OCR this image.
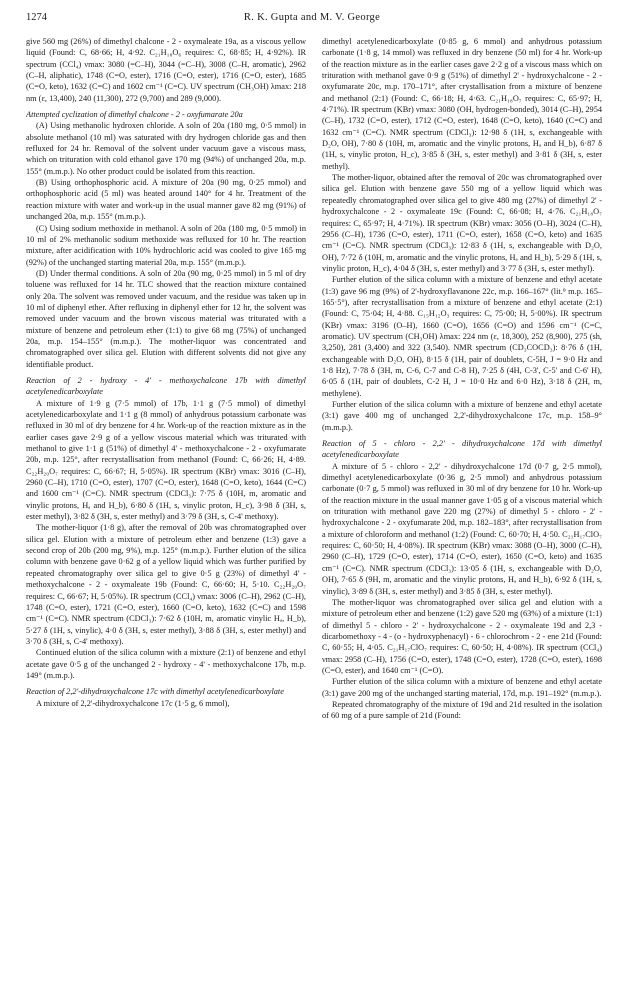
1274	R. K. Gupta and M. V. George

give 560 mg (26%) of dimethyl chalcone - 2 - oxymaleate 19a, as a viscous yellow liquid (Found: C, 68·66; H, 4·92. C₂₁H₁₈O₆ requires: C, 68·85; H, 4·92%). IR spectrum (CCl₄) νmax: 3080 (=C–H), 3044 (=C–H), 3008 (C–H, aromatic), 2962 (C–H, aliphatic), 1748 (C=O, ester), 1716 (C=O, ester), 1716 (C=O, ester), 1685 (C=O, keto), 1632 (C=C) and 1602 cm⁻¹ (C=C). UV spectrum (CH₃OH) λmax: 218 nm (ε, 13,400), 240 (11,300), 272 (9,700) and 289 (9,000).

Attempted cyclization of dimethyl chalcone - 2 - oxyfumarate 20a

(A) Using methanolic hydroxen chloride. A soln of 20a (180 mg, 0·5 mmol) in absolute methanol (10 ml) was saturated with dry hydrogen chloride gas and then refluxed for 24 hr. Removal of the solvent under vacuum gave a viscous mass, which on trituration with cold ethanol gave 170 mg (94%) of unchanged 20a, m.p. 155° (m.m.p.). No other product could be isolated from this reaction.

(B) Using orthophosphoric acid. A mixture of 20a (90 mg, 0·25 mmol) and orthophosphoric acid (5 ml) was heated around 140° for 4 hr. Treatment of the reaction mixture with water and work-up in the usual manner gave 82 mg (91%) of unchanged 20a, m.p. 155° (m.m.p.).

(C) Using sodium methoxide in methanol. A soln of 20a (180 mg, 0·5 mmol) in 10 ml of 2% methanolic sodium methoxide was refluxed for 10 hr. The reaction mixture, after acidification with 10% hydrochloric acid was cooled to give 165 mg (92%) of the unchanged starting material 20a, m.p. 155° (m.m.p.).

(D) Under thermal conditions. A soln of 20a (90 mg, 0·25 mmol) in 5 ml of dry toluene was refluxed for 14 hr. TLC showed that the reaction mixture contained only 20a. The solvent was removed under vacuum, and the residue was taken up in 10 ml of diphenyl ether. After refluxing in diphenyl ether for 12 hr, the solvent was removed under vacuum and the brown viscous material was triturated with a mixture of benzene and petroleum ether (1:1) to give 68 mg (75%) of unchanged 20a, m.p. 154–155° (m.m.p.). The mother-liquor was concentrated and chromatographed over silica gel. Elution with different solvents did not give any identifiable product.

Reaction of 2 - hydroxy - 4' - methoxychalcone 17b with dimethyl acetylenedicarboxylate

A mixture of 1·9 g (7·5 mmol) of 17b, 1·1 g (7·5 mmol) of dimethyl acetylenedicarboxylate and 1·1 g (8 mmol) of anhydrous potassium carbonate was refluxed in 30 ml of dry benzene for 4 hr. Work-up of the reaction mixture as in the earlier cases gave 2·9 g of a yellow viscous material which was triturated with methanol to give 1·1 g (51%) of dimethyl 4' - methoxychalcone - 2 - oxyfumarate 20b, m.p. 125°, after recrystallisation from methanol (Found: C, 66·26; H, 4·89. C₂₂H₂₀O₇ requires: C, 66·67; H, 5·05%). IR spectrum (KBr) νmax: 3016 (C–H), 2960 (C–H), 1710 (C=O, ester), 1707 (C=O, ester), 1648 (C=O, keto), 1644 (C=C) and 1600 cm⁻¹ (C=C). NMR spectrum (CDCl₃): 7·75 δ (10H, m, aromatic and vinylic protons, Hₐ and H_b), 6·80 δ (1H, s, vinylic proton, H_c), 3·98 δ (3H, s, ester methyl), 3·82 δ (3H, s, ester methyl) and 3·79 δ (3H, s, C-4' methoxy).

The mother-liquor (1·8 g), after the removal of 20b was chromatographed over silica gel. Elution with a mixture of petroleum ether and benzene (1:3) gave a second crop of 20b (200 mg, 9%), m.p. 125° (m.m.p.). Further elution of the silica column with benzene gave 0·62 g of a yellow liquid which was further purified by repeated chromatography over silica gel to give 0·5 g (23%) of dimethyl 4' - methoxychalcone - 2 - oxymaleate 19b (Found: C, 66·60; H, 5·10. C₂₂H₂₀O₇ requires: C, 66·67; H, 5·05%). IR spectrum (CCl₄) νmax: 3006 (C–H), 2962 (C–H), 1748 (C=O, ester), 1721 (C=O, ester), 1660 (C=O, keto), 1632 (C=C) and 1598 cm⁻¹ (C=C). NMR spectrum (CDCl₃): 7·62 δ (10H, m, aromatic vinylic Hₐ, H_b), 5·27 δ (1H, s, vinylic), 4·0 δ (3H, s, ester methyl), 3·88 δ (3H, s, ester methyl) and 3·70 δ (3H, s, C-4' methoxy).

Continued elution of the silica column with a mixture (2:1) of benzene and ethyl acetate gave 0·5 g of the unchanged 2 - hydroxy - 4' - methoxychalcone 17b, m.p. 149° (m.m.p.).

Reaction of 2,2'-dihydroxychalcone 17c with dimethyl acetylenedicarboxylate

A mixture of 2,2'-dihydroxychalcone 17c (1·5 g, 6 mmol),

dimethyl acetylenedicarboxylate (0·85 g, 6 mmol) and anhydrous potassium carbonate (1·8 g, 14 mmol) was refluxed in dry benzene (50 ml) for 4 hr. Work-up of the reaction mixture as in the earlier cases gave 2·2 g of a viscous mass which on trituration with methanol gave 0·9 g (51%) of dimethyl 2' - hydroxychalcone - 2 - oxyfumarate 20c, m.p. 170–171°, after crystallisation from a mixture of benzene and methanol (2:1) (Found: C, 66·18; H, 4·63. C₂₁H₁₈O₇ requires: C, 65·97; H, 4·71%). IR spectrum (KBr) νmax: 3080 (OH, hydrogen-bonded), 3014 (C–H), 2954 (C–H), 1732 (C=O, ester), 1712 (C=O, ester), 1648 (C=O, keto), 1640 (C=C) and 1632 cm⁻¹ (C=C). NMR spectrum (CDCl₃): 12·98 δ (1H, s, exchangeable with D₂O, OH), 7·80 δ (10H, m, aromatic and the vinylic protons, Hₐ and H_b), 6·87 δ (1H, s, vinylic proton, H_c), 3·85 δ (3H, s, ester methyl) and 3·81 δ (3H, s, ester methyl).

The mother-liquor, obtained after the removal of 20c was chromatographed over silica gel. Elution with benzene gave 550 mg of a yellow liquid which was repeatedly chromatographed over silica gel to give 480 mg (27%) of dimethyl 2' - hydroxychalcone - 2 - oxymaleate 19c (Found: C, 66·08; H, 4·76. C₂₁H₁₈O₇ requires: C, 65·97; H, 4·71%). IR spectrum (KBr) νmax: 3056 (O–H), 3024 (C–H), 2956 (C–H), 1736 (C=O, ester), 1711 (C=O, ester), 1658 (C=O, keto) and 1635 cm⁻¹ (C=C). NMR spectrum (CDCl₃): 12·83 δ (1H, s, exchangeable with D₂O, OH), 7·72 δ (10H, m, aromatic and the vinylic protons, Hₐ and H_b), 5·29 δ (1H, s, vinylic proton, H_c), 4·04 δ (3H, s, ester methyl) and 3·77 δ (3H, s, ester methyl).

Further elution of the silica column with a mixture of benzene and ethyl acetate (1:3) gave 96 mg (9%) of 2'-hydroxyflavanone 22c, m.p. 166–167° (lit.⁹ m.p. 165–165·5°), after recrystallisation from a mixture of benzene and ethyl acetate (2:1) (Found: C, 75·04; H, 4·88. C₁₅H₁₂O₃ requires: C, 75·00; H, 5·00%). IR spectrum (KBr) νmax: 3196 (O–H), 1660 (C=O), 1656 (C=O) and 1596 cm⁻¹ (C=C, aromatic). UV spectrum (CH₃OH) λmax: 224 nm (ε, 18,300), 252 (8,900), 275 (sh, 3,250), 281 (3,400) and 322 (3,540). NMR spectrum (CD₃COCD₃): 8·76 δ (1H, exchangeable with D₂O, OH), 8·15 δ (1H, pair of doublets, C-5H, J = 9·0 Hz and 1·8 Hz), 7·78 δ (3H, m, C-6, C-7 and C-8 H), 7·25 δ (4H, C-3', C-5' and C-6' H), 6·05 δ (1H, pair of doublets, C-2 H, J = 10·0 Hz and 6·0 Hz), 3·18 δ (2H, m, methylene).

Further elution of the silica column with a mixture of benzene and ethyl acetate (3:1) gave 400 mg of unchanged 2,2'-dihydroxychalcone 17c, m.p. 158–9° (m.m.p.).

Reaction of 5 - chloro - 2,2' - dihydroxychalcone 17d with dimethyl acetylenedicarboxylate

A mixture of 5 - chloro - 2,2' - dihydroxychalcone 17d (0·7 g, 2·5 mmol), dimethyl acetylenedicarboxylate (0·36 g, 2·5 mmol) and anhydrous potassium carbonate (0·7 g, 5 mmol) was refluxed in 30 ml of dry benzene for 10 hr. Work-up of the reaction mixture in the usual manner gave 1·05 g of a viscous material which on trituration with methanol gave 220 mg (27%) of dimethyl 5 - chloro - 2' - hydroxychalcone - 2 - oxyfumarate 20d, m.p. 182–183°, after recrystallisation from a mixture of chloroform and methanol (1:2) (Found: C, 60·70; H, 4·50. C₂₁H₁₇ClO₇ requires: C, 60·50; H, 4·08%). IR spectrum (KBr) νmax: 3088 (O–H), 3000 (C–H), 2960 (C–H), 1729 (C=O, ester), 1714 (C=O, ester), 1650 (C=O, keto) and 1635 cm⁻¹ (C=C). NMR spectrum (CDCl₃): 13·05 δ (1H, s, exchangeable with D₂O, OH), 7·65 δ (9H, m, aromatic and the vinylic protons, Hₐ and H_b), 6·92 δ (1H, s, vinylic), 3·89 δ (3H, s, ester methyl) and 3·85 δ (3H, s, ester methyl).

The mother-liquor was chromatographed over silica gel and elution with a mixture of petroleum ether and benzene (1:2) gave 520 mg (63%) of a mixture (1:1) of dimethyl 5 - chloro - 2' - hydroxychalcone - 2 - oxymaleate 19d and 2,3 - dicarbomethoxy - 4 - (o - hydroxyphenacyl) - 6 - chlorochrom - 2 - ene 21d (Found: C, 60·55; H, 4·05. C₂₁H₁₇ClO₇ requires: C, 60·50; H, 4·08%). IR spectrum (CCl₄) νmax: 2958 (C–H), 1756 (C=O, ester), 1748 (C=O, ester), 1728 (C=O, ester), 1698 (C=O, ester), and 1640 cm⁻¹ (C=O).

Further elution of the silica column with a mixture of benzene and ethyl acetate (3:1) gave 200 mg of the unchanged starting material, 17d, m.p. 191–192° (m.m.p.).

Repeated chromatography of the mixture of 19d and 21d resulted in the isolation of 60 mg of a pure sample of 21d (Found:
